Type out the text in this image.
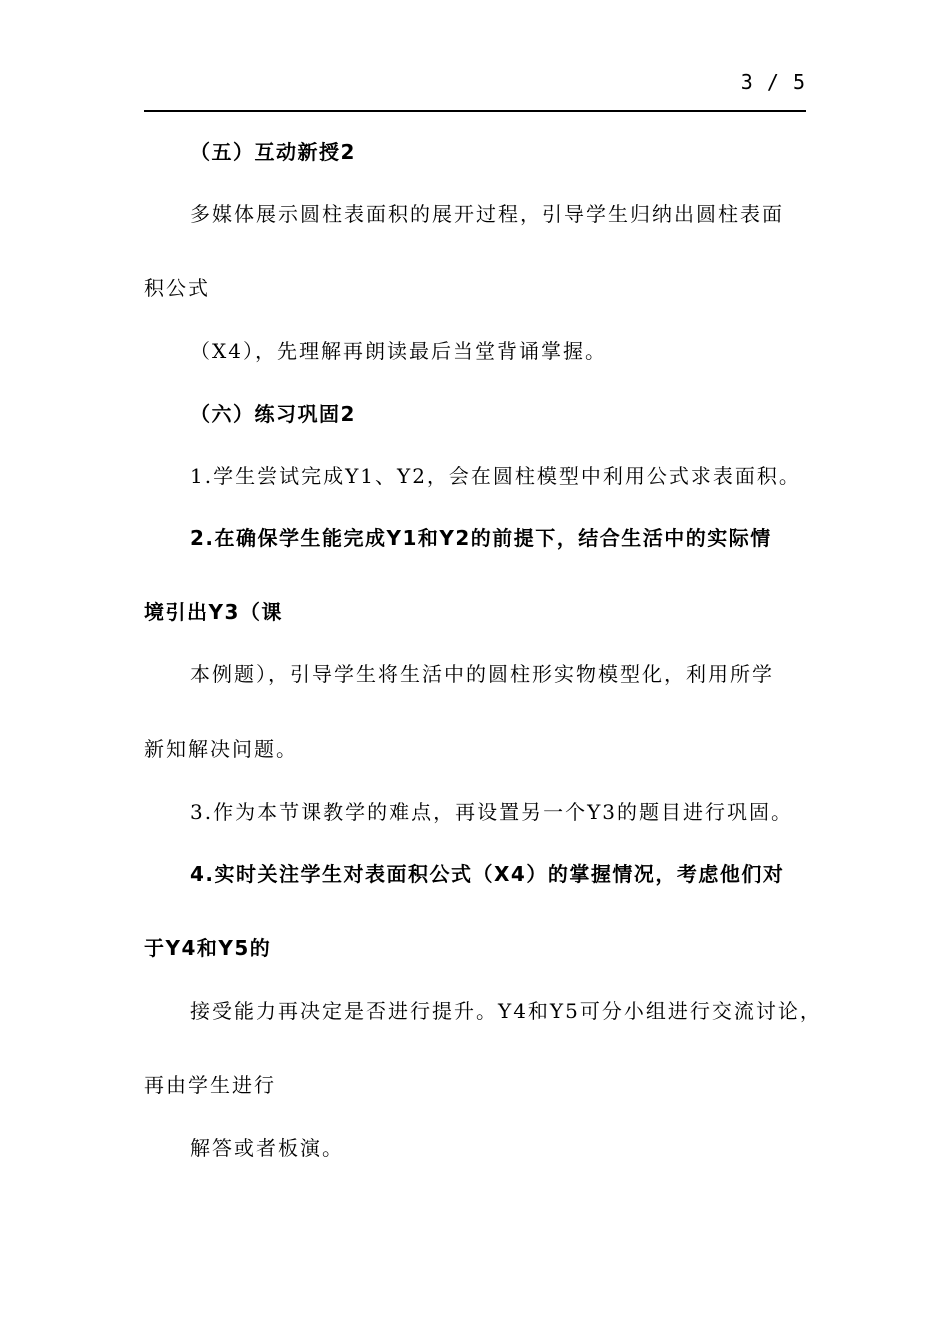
3 / 5
（五）互动新授2
多媒体展示圆柱表面积的展开过程，引导学生归纳出圆柱表面
积公式
（X4），先理解再朗读最后当堂背诵掌握。
（六）练习巩固2
1.学生尝试完成Y1、Y2，会在圆柱模型中利用公式求表面积。
2.在确保学生能完成Y1和Y2的前提下，结合生活中的实际情
境引出Y3（课
本例题），引导学生将生活中的圆柱形实物模型化，利用所学
新知解决问题。
3.作为本节课教学的难点，再设置另一个Y3的题目进行巩固。
4.实时关注学生对表面积公式（X4）的掌握情况，考虑他们对
于Y4和Y5的
接受能力再决定是否进行提升。Y4和Y5可分小组进行交流讨论，
再由学生进行
解答或者板演。
